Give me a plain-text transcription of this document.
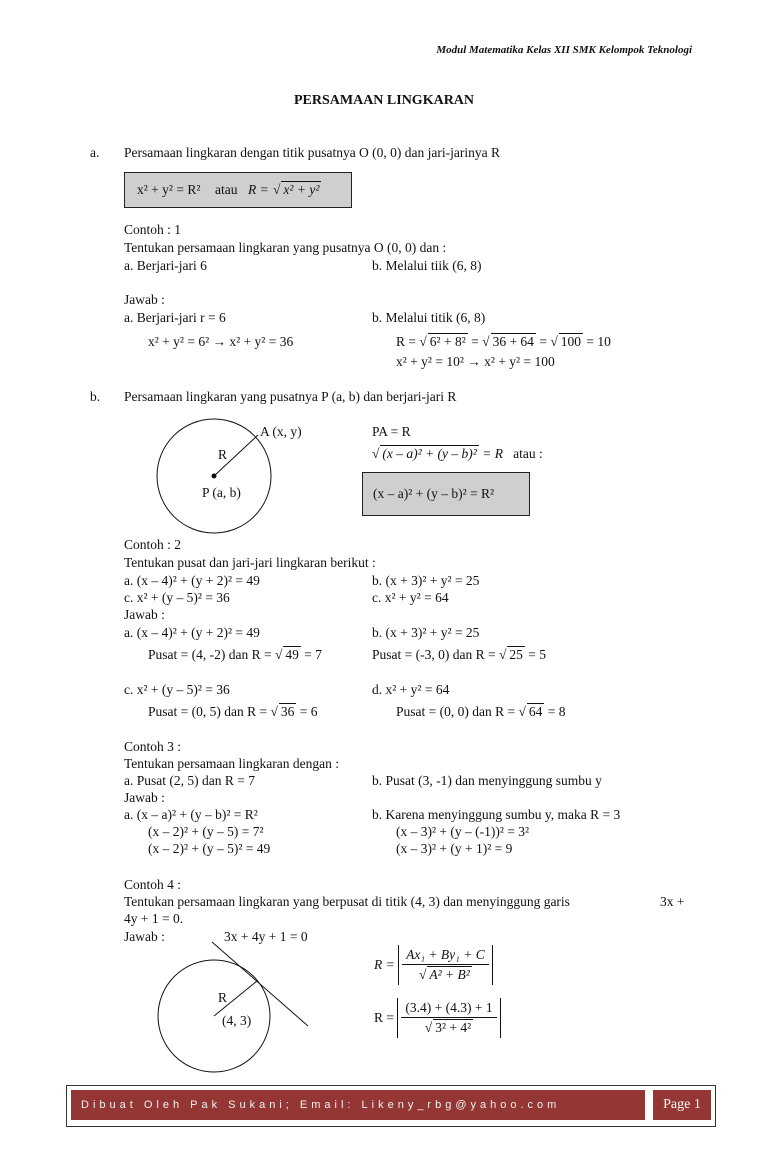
Modul Matematika Kelas XII SMK Kelompok Teknologi
PERSAMAAN LINGKARAN
a. Persamaan lingkaran dengan titik pusatnya O (0, 0) dan jari-jarinya R
x² + y² = R² atau R = √ x² + y²
Contoh : 1
Tentukan persamaan lingkaran yang pusatnya O (0, 0) dan :
a. Berjari-jari 6	b. Melalui tiik (6, 8)
Jawab :
a. Berjari-jari r = 6
x² + y² = 6² → x² + y² = 36
b. Melalui titik (6, 8)
R = √ 6² + 8² = √ 36 + 64 = √ 100 = 10
x² + y² = 10² → x² + y² = 100
b. Persamaan lingkaran yang pusatnya P (a, b) dan berjari-jari R
A (x, y)
R
P (a, b)
PA = R
√ (x – a)² + (y – b)² = R atau :
(x – a)² + (y – b)² = R²
Contoh : 2
Tentukan pusat dan jari-jari lingkaran berikut :
a. (x – 4)² + (y + 2)² = 49	b. (x + 3)² + y² = 25
c. x² + (y – 5)² = 36	c. x² + y² = 64
Jawab :
a. (x – 4)² + (y + 2)² = 49
Pusat = (4, -2) dan R = √ 49 = 7
b. (x + 3)² + y² = 25
Pusat = (-3, 0) dan R = √ 25 = 5
c. x² + (y – 5)² = 36
Pusat = (0, 5) dan R = √ 36 = 6
d. x² + y² = 64
Pusat = (0, 0) dan R = √ 64 = 8
Contoh 3 :
Tentukan persamaan lingkaran dengan :
a. Pusat (2, 5) dan R = 7	b. Pusat (3, -1) dan menyinggung sumbu y
Jawab :
a. (x – a)² + (y – b)² = R²
(x – 2)² + (y – 5) = 7²
(x – 2)² + (y – 5)² = 49
b. Karena menyinggung sumbu y, maka R = 3
(x – 3)² + (y – (-1))² = 3²
(x – 3)² + (y + 1)² = 9
Contoh 4 :
Tentukan persamaan lingkaran yang berpusat di titik (4, 3) dan menyinggung garis	3x +
4y + 1 = 0.
Jawab :	3x + 4y + 1 = 0
R
(4, 3)
$R = \frac{\text{Ax₁ + By₁ + C}}{\text{√ A² + B²}}$
$R = \frac{(3.4) + (4.3) + 1}{\text{√ 3² + 4²}}$
Dibuat Oleh Pak Sukani; Email: Likeny_rbg@yahoo.com	Page 1
